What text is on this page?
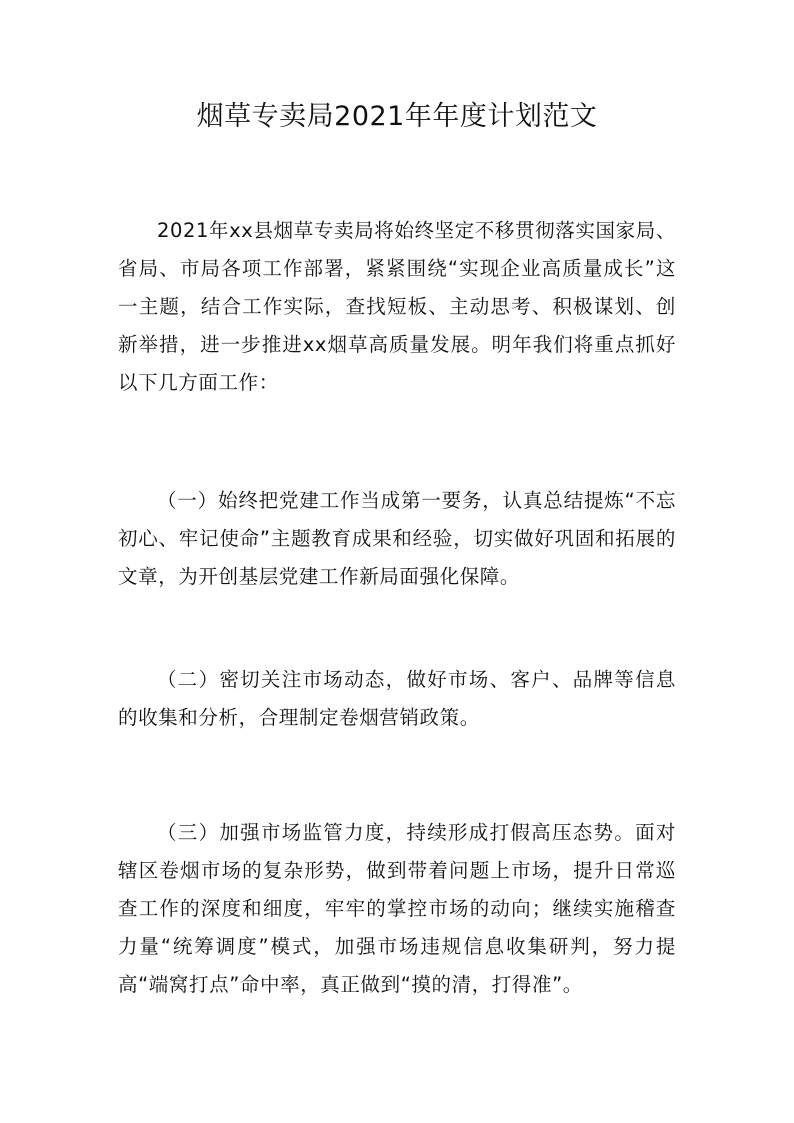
烟草专卖局2021年年度计划范文

2021年xx县烟草专卖局将始终坚定不移贯彻落实国家局、省局、市局各项工作部署，紧紧围绕“实现企业高质量成长”这一主题，结合工作实际，查找短板、主动思考、积极谋划、创新举措，进一步推进xx烟草高质量发展。明年我们将重点抓好以下几方面工作：

（一）始终把党建工作当成第一要务，认真总结提炼“不忘初心、牢记使命”主题教育成果和经验，切实做好巩固和拓展的文章，为开创基层党建工作新局面强化保障。

（二）密切关注市场动态，做好市场、客户、品牌等信息的收集和分析，合理制定卷烟营销政策。

（三）加强市场监管力度，持续形成打假高压态势。面对辖区卷烟市场的复杂形势，做到带着问题上市场，提升日常巡查工作的深度和细度，牢牢的掌控市场的动向；继续实施稽查力量“统筹调度”模式，加强市场违规信息收集研判，努力提高“端窝打点”命中率，真正做到“摸的清，打得准”。
